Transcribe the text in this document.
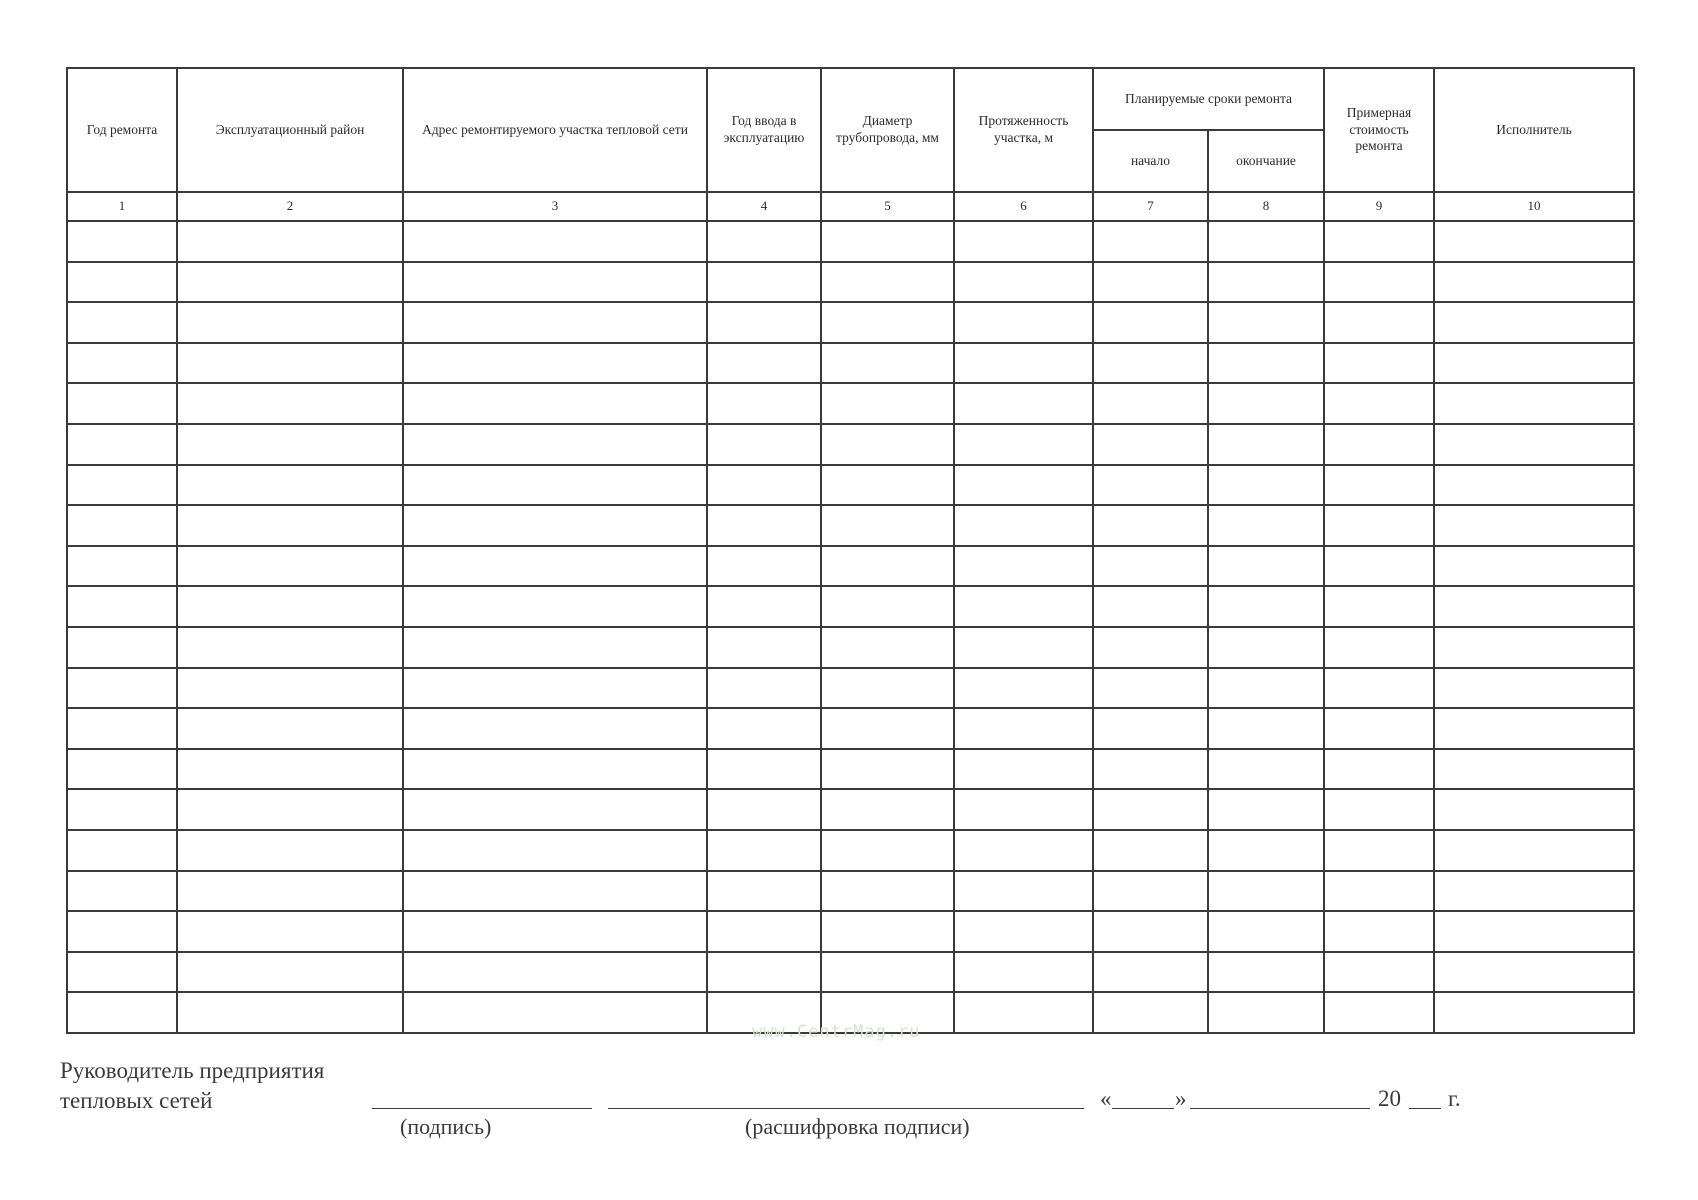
Год ремонта	Эксплуатационный район	Адрес ремонтируемого участка тепловой сети	Год ввода в эксплуатацию	Диаметр трубопровода, мм	Протяженность участка, м	Планируемые сроки ремонта		Примерная стоимость ремонта	Исполнитель
						начало	окончание		
1	2	3	4	5	6	7	8	9	10

www.CentrMag.ru
Руководитель предприятия
тепловых сетей
(подпись)	(расшифровка подписи)
«	»	20 г.
